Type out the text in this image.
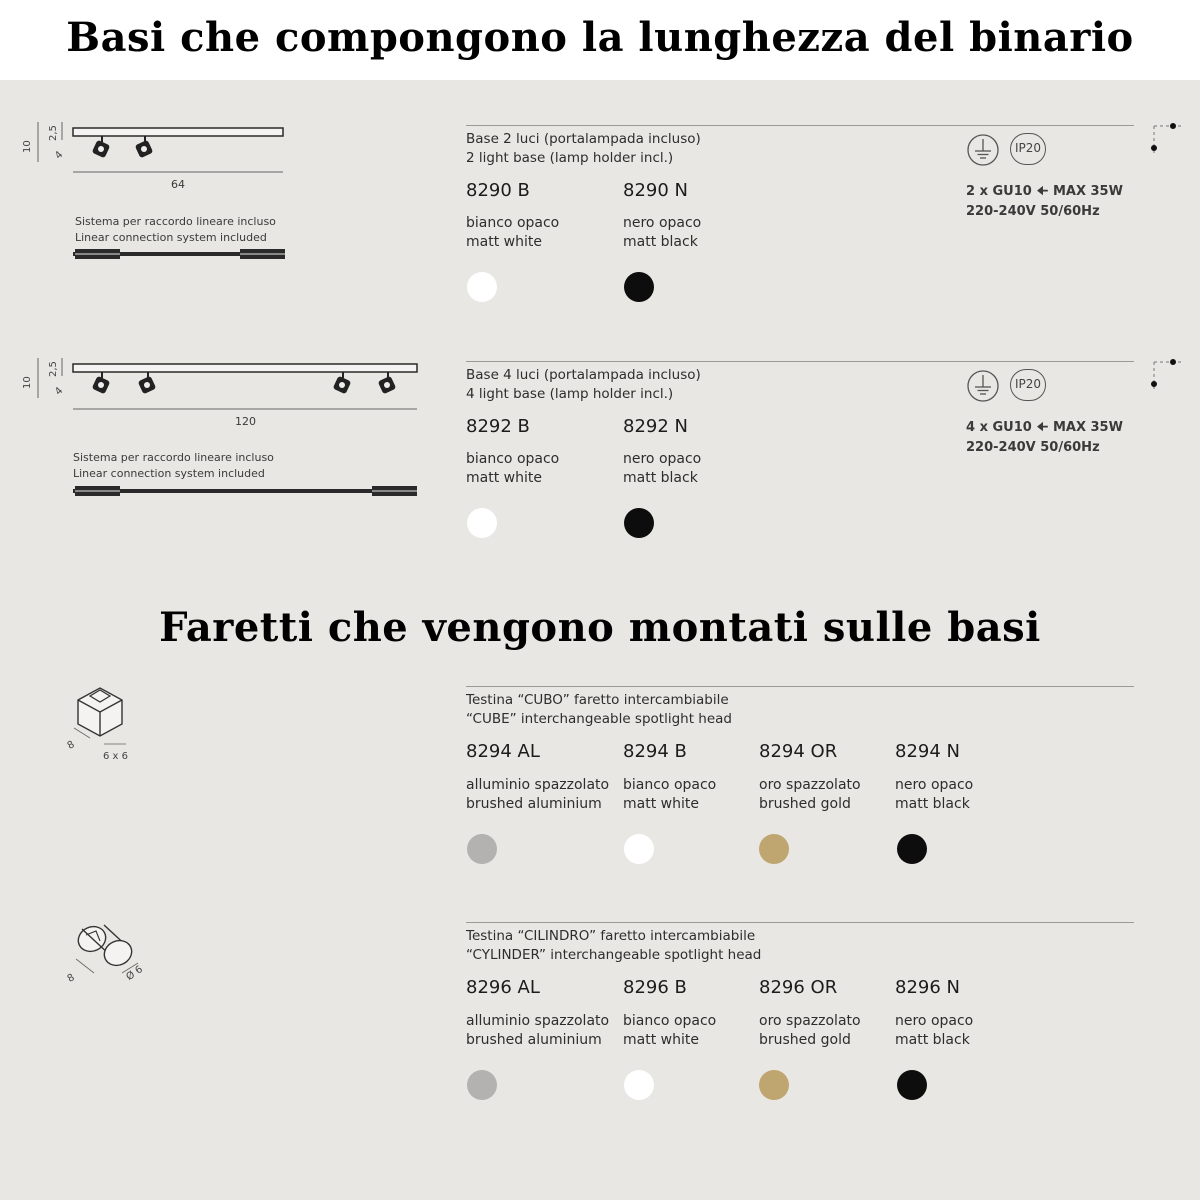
Basi che compongono la lunghezza del binario
10
2,5
4
64
Sistema per raccordo lineare incluso
Linear connection system included
Base 2 luci (portalampada incluso)
2 light base (lamp holder incl.)
8290 B	8290 N
bianco opaco
matt white
nero opaco
matt black
IP20
2 x GU10 🠈 MAX 35W
220-240V 50/60Hz
10
2,5
4
120
Sistema per raccordo lineare incluso
Linear connection system included
Base 4 luci (portalampada incluso)
4 light base (lamp holder incl.)
8292 B	8292 N
bianco opaco
matt white
nero opaco
matt black
IP20
4 x GU10 🠈 MAX 35W
220-240V 50/60Hz
Faretti che vengono montati sulle basi
8
6 x 6
Testina “CUBO” faretto intercambiabile
“CUBE” interchangeable spotlight head
8294 AL	8294 B	8294 OR	8294 N
alluminio spazzolato
brushed aluminium
bianco opaco
matt white
oro spazzolato
brushed gold
nero opaco
matt black
8	Ø 6
Testina “CILINDRO” faretto intercambiabile
“CYLINDER” interchangeable spotlight head
8296 AL	8296 B	8296 OR	8296 N
alluminio spazzolato
brushed aluminium
bianco opaco
matt white
oro spazzolato
brushed gold
nero opaco
matt black
